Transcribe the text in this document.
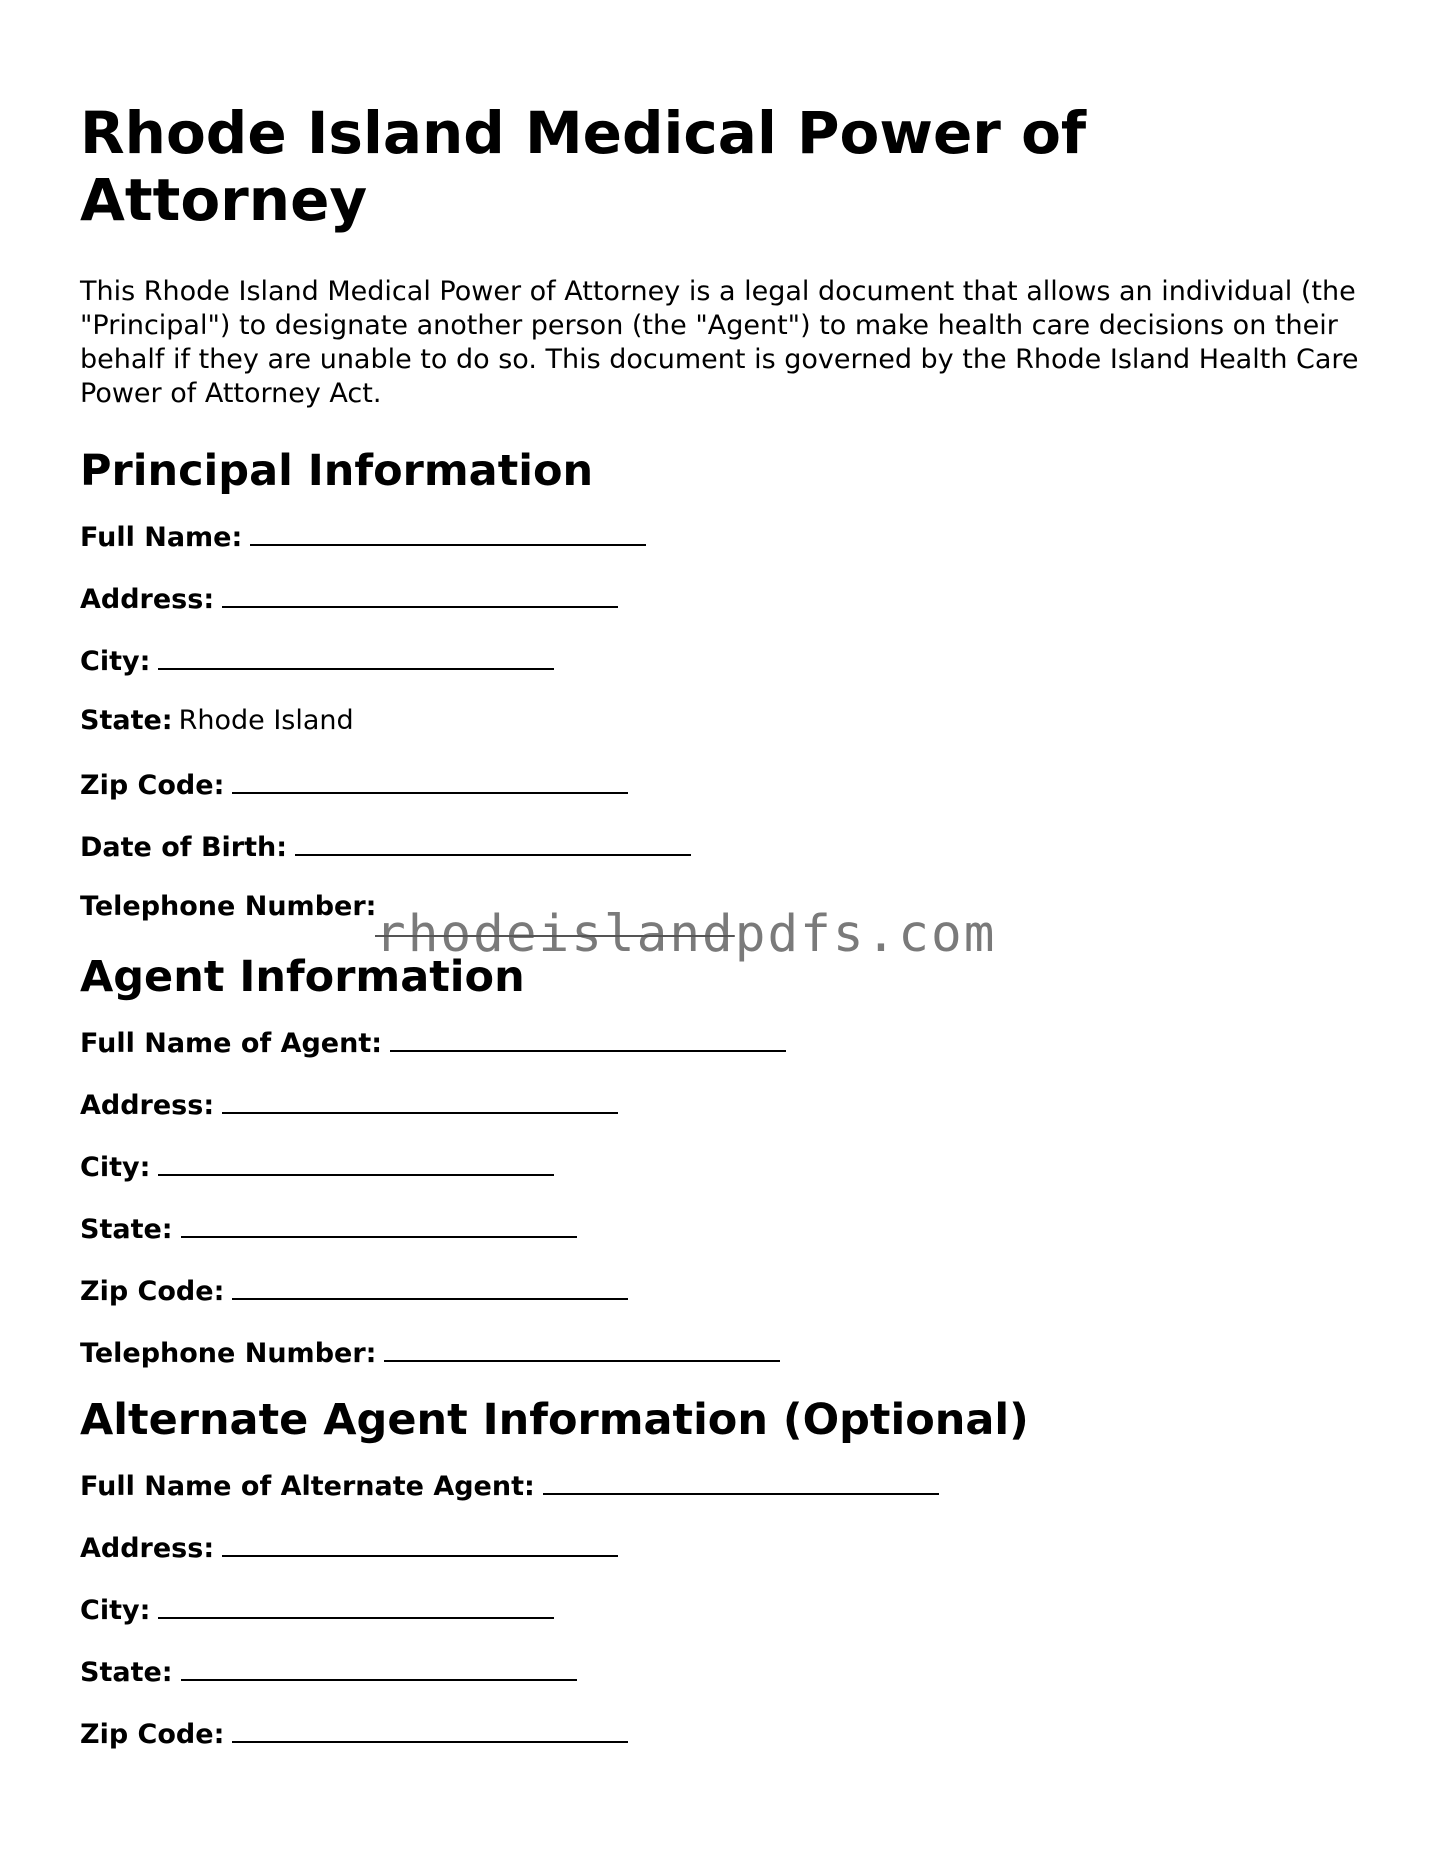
Rhode Island Medical Power of Attorney

This Rhode Island Medical Power of Attorney is a legal document that allows an individual (the "Principal") to designate another person (the "Agent") to make health care decisions on their behalf if they are unable to do so. This document is governed by the Rhode Island Health Care Power of Attorney Act.

Principal Information
Full Name:
Address:
City:
State: Rhode Island
Zip Code:
Date of Birth:
Telephone Number:
Agent Information
Full Name of Agent:
Address:
City:
State:
Zip Code:
Telephone Number:
Alternate Agent Information (Optional)
Full Name of Alternate Agent:
Address:
City:
State:
Zip Code:
rhodeislandpdfs.com
